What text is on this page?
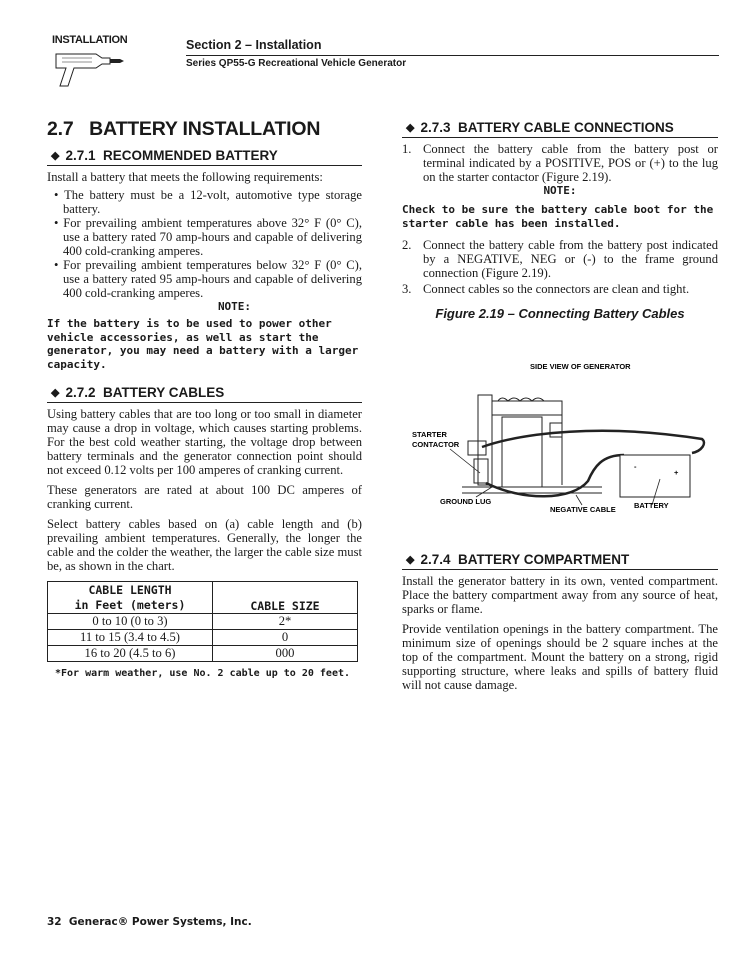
INSTALLATION	Section 2 – Installation
Series QP55-G Recreational Vehicle Generator
2.7   BATTERY INSTALLATION
◆ 2.7.1  RECOMMENDED BATTERY

Install a battery that meets the following requirements:

• The battery must be a 12-volt, automotive type storage battery.

• For prevailing ambient temperatures above 32° F (0° C), use a battery rated 70 amp-hours and capable of delivering 400 cold-cranking amperes.

• For prevailing ambient temperatures below 32° F (0° C), use a battery rated 95 amp-hours and capable of delivering 400 cold-cranking amperes.

NOTE:

If the battery is to be used to power other vehicle accessories, as well as start the generator, you may need a battery with a larger capacity.

◆ 2.7.2  BATTERY CABLES

Using battery cables that are too long or too small in diameter may cause a drop in voltage, which causes starting problems. For the best cold weather starting, the voltage drop between battery terminals and the generator connection point should not exceed 0.12 volts per 100 amperes of cranking current.

These generators are rated at about 100 DC amperes of cranking current.

Select battery cables based on (a) cable length and (b) prevailing ambient temperatures. Generally, the longer the cable and the colder the weather, the larger the cable size must be, as shown in the chart.

CABLE LENGTH
in Feet (meters)	CABLE SIZE
0 to 10 (0 to 3)	2*
11 to 15 (3.4 to 4.5)	0
16 to 20 (4.5 to 6)	000
*For warm weather, use No. 2 cable up to 20 feet.
◆ 2.7.3  BATTERY CABLE CONNECTIONS
1. Connect the battery cable from the battery post or terminal indicated by a POSITIVE, POS or (+) to the lug on the starter contactor (Figure 2.19).

NOTE:

Check to be sure the battery cable boot for the starter cable has been installed.

2. Connect the battery cable from the battery post indicated by a NEGATIVE, NEG or (-) to the frame ground connection (Figure 2.19).
3. Connect cables so the connectors are clean and tight.

Figure 2.19 – Connecting Battery Cables

SIDE VIEW OF GENERATOR
-
+
STARTER
CONTACTOR
GROUND LUG
NEGATIVE CABLE BATTERY
◆ 2.7.4  BATTERY COMPARTMENT

Install the generator battery in its own, vented compartment. Place the battery compartment away from any source of heat, sparks or flame.

Provide ventilation openings in the battery compartment. The minimum size of openings should be 2 square inches at the top of the compartment. Mount the battery on a strong, rigid supporting structure, where leaks and spills of battery fluid will not cause damage.

32  Generac® Power Systems, Inc.
